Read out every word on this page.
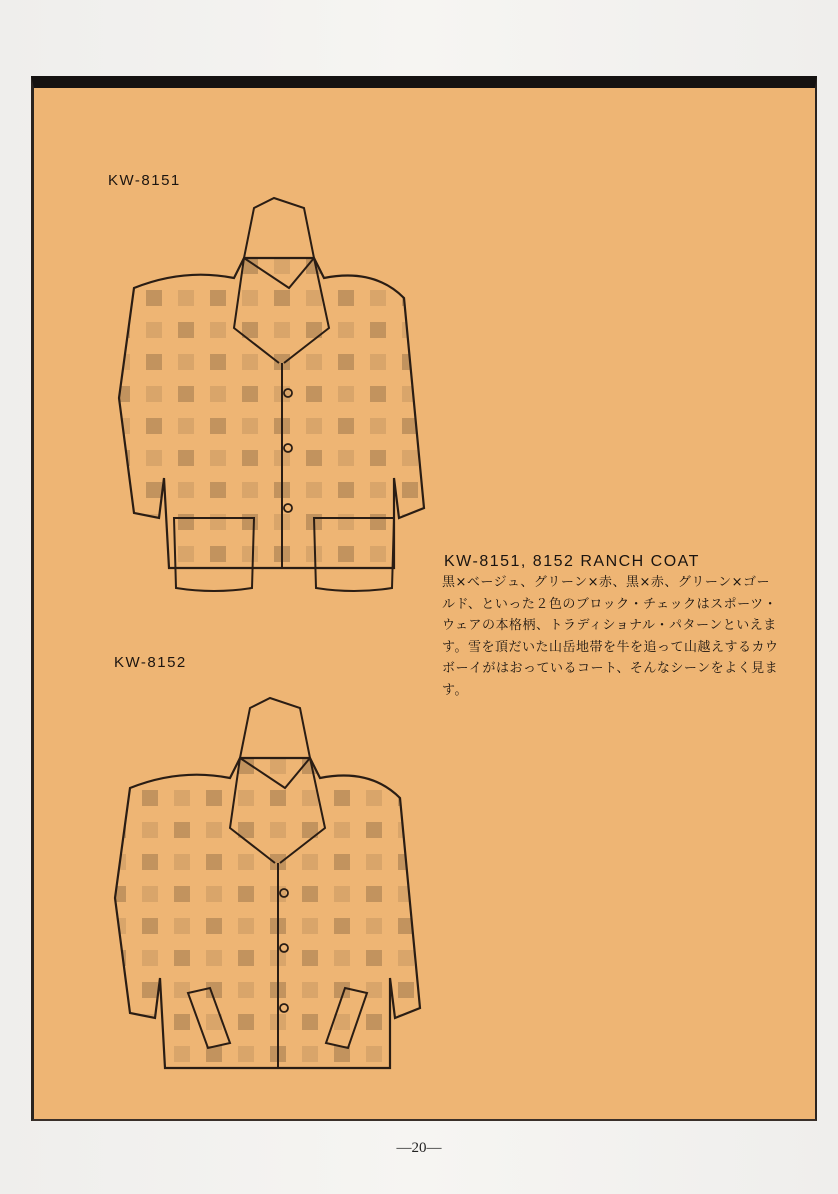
KW-8151
KW-8152
KW-8151, 8152 RANCH COAT

黒×ベージュ、グリーン×赤、黒×赤、グリーン×ゴールド、といった２色のブロック・チェックはスポーツ・ウェアの本格柄、トラディショナル・パターンといえます。雪を頂だいた山岳地帯を牛を追って山越えするカウボーイがはおっているコート、そんなシーンをよく見ます。

―20―
